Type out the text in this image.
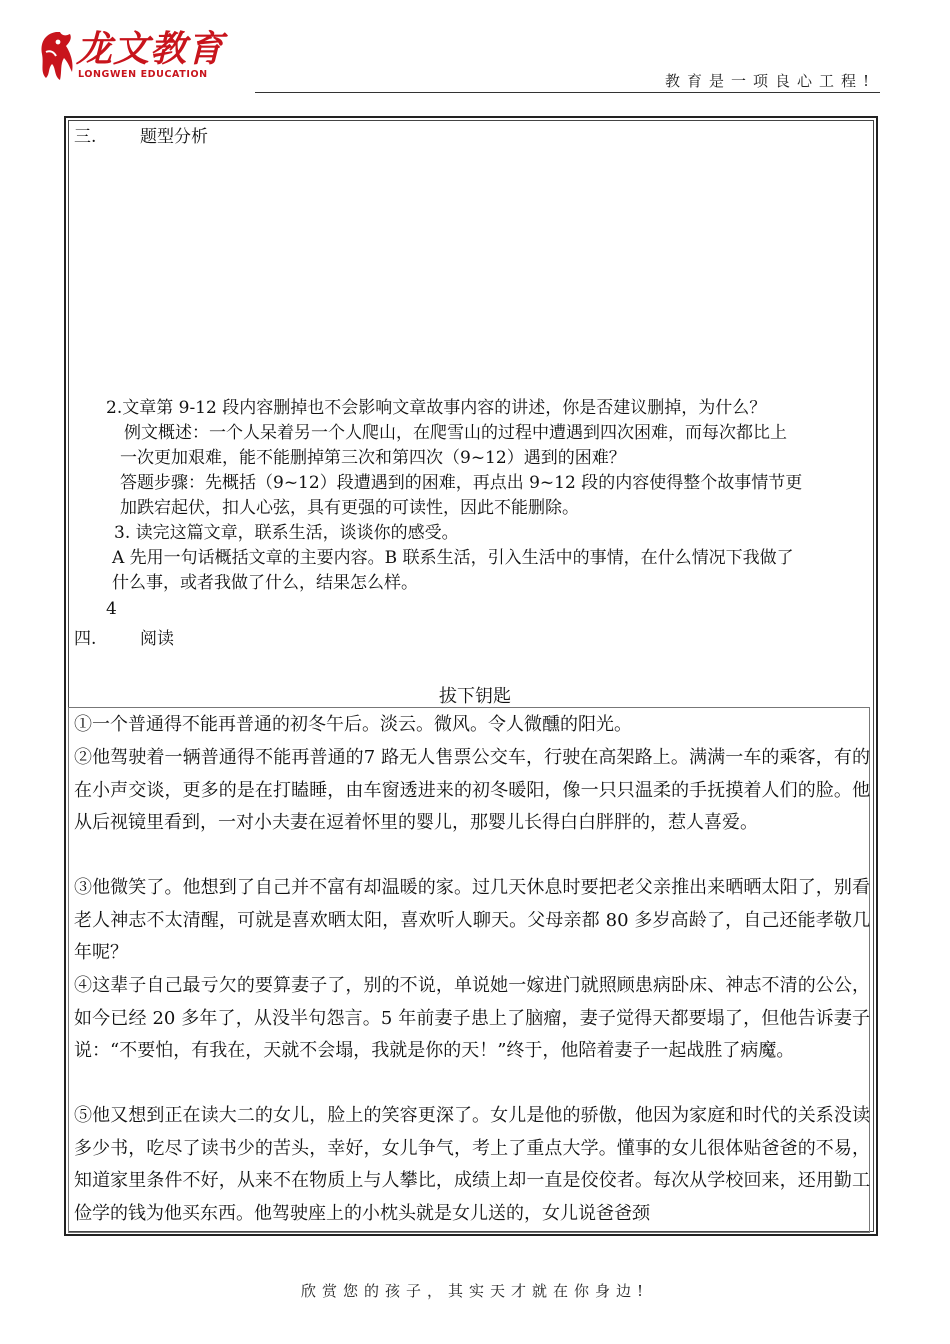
龙文教育
LONGWEN EDUCATION	教育是一项良心工程!
三.	题型分析
2.文章第 9-12 段内容删掉也不会影响文章故事内容的讲述，你是否建议删掉，为什么？
例文概述：一个人呆着另一个人爬山，在爬雪山的过程中遭遇到四次困难，而每次都比上
一次更加艰难，能不能删掉第三次和第四次（9~12）遇到的困难？
答题步骤：先概括（9~12）段遭遇到的困难，再点出 9~12 段的内容使得整个故事情节更
加跌宕起伏，扣人心弦，具有更强的可读性，因此不能删除。
3. 读完这篇文章，联系生活，谈谈你的感受。
A 先用一句话概括文章的主要内容。B 联系生活，引入生活中的事情，在什么情况下我做了
什么事，或者我做了什么，结果怎么样。
4
四.	阅读
拔下钥匙
①一个普通得不能再普通的初冬午后。淡云。微风。令人微醺的阳光。
②他驾驶着一辆普通得不能再普通的7 路无人售票公交车，行驶在高架路上。满满一车的乘客，有的在小声交谈，更多的是在打瞌睡，由车窗透进来的初冬暖阳，像一只只温柔的手抚摸着人们的脸。他从后视镜里看到，一对小夫妻在逗着怀里的婴儿，那婴儿长得白白胖胖的，惹人喜爱。
③他微笑了。他想到了自己并不富有却温暖的家。过几天休息时要把老父亲推出来晒晒太阳了，别看老人神志不太清醒，可就是喜欢晒太阳，喜欢听人聊天。父母亲都 80 多岁高龄了，自己还能孝敬几年呢？
④这辈子自己最亏欠的要算妻子了，别的不说，单说她一嫁进门就照顾患病卧床、神志不清的公公，如今已经 20 多年了，从没半句怨言。5 年前妻子患上了脑瘤，妻子觉得天都要塌了，但他告诉妻子说：“不要怕，有我在，天就不会塌，我就是你的天！”终于，他陪着妻子一起战胜了病魔。
⑤他又想到正在读大二的女儿，脸上的笑容更深了。女儿是他的骄傲，他因为家庭和时代的关系没读多少书，吃尽了读书少的苦头，幸好，女儿争气，考上了重点大学。懂事的女儿很体贴爸爸的不易，知道家里条件不好，从来不在物质上与人攀比，成绩上却一直是佼佼者。每次从学校回来，还用勤工俭学的钱为他买东西。他驾驶座上的小枕头就是女儿送的，女儿说爸爸颈
欣赏您的孩子，其实天才就在你身边!
